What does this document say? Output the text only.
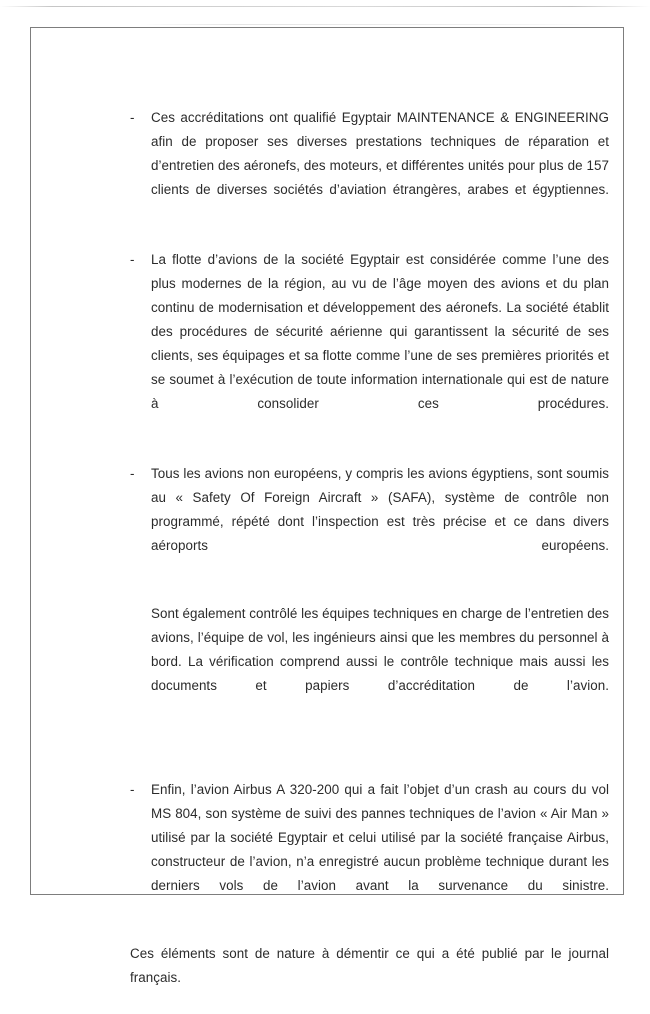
-	Ces accréditations ont qualifié Egyptair MAINTENANCE & ENGINEERING afin de proposer ses diverses prestations techniques de réparation et d’entretien des aéronefs, des moteurs, et différentes unités pour plus de 157 clients de diverses sociétés d’aviation étrangères, arabes et égyptiennes.
-	La flotte d’avions de la société Egyptair est considérée comme l’une des plus modernes de la région, au vu de l’âge moyen des avions et du plan continu de modernisation et développement des aéronefs. La société établit des procédures de sécurité aérienne qui garantissent la sécurité de ses clients, ses équipages et sa flotte comme l’une de ses premières priorités et se soumet à l’exécution de toute information internationale qui est de nature à consolider ces procédures.
-	Tous les avions non européens, y compris les avions égyptiens, sont soumis au « Safety Of Foreign Aircraft » (SAFA), système de contrôle non programmé, répété dont l’inspection est très précise et ce dans divers aéroports européens.
Sont également contrôlé les équipes techniques en charge de l’entretien des avions, l’équipe de vol, les ingénieurs ainsi que les membres du personnel à bord. La vérification comprend aussi le contrôle technique mais aussi les documents et papiers d’accréditation de l’avion.
-	Enfin, l’avion Airbus A 320-200 qui a fait l’objet d’un crash au cours du vol MS 804, son système de suivi des pannes techniques de l’avion « Air Man » utilisé par la société Egyptair et celui utilisé par la société française Airbus, constructeur de l’avion, n’a enregistré aucun problème technique durant les derniers vols de l’avion avant la survenance du sinistre.
Ces éléments sont de nature à démentir ce qui a été publié par le journal français.
